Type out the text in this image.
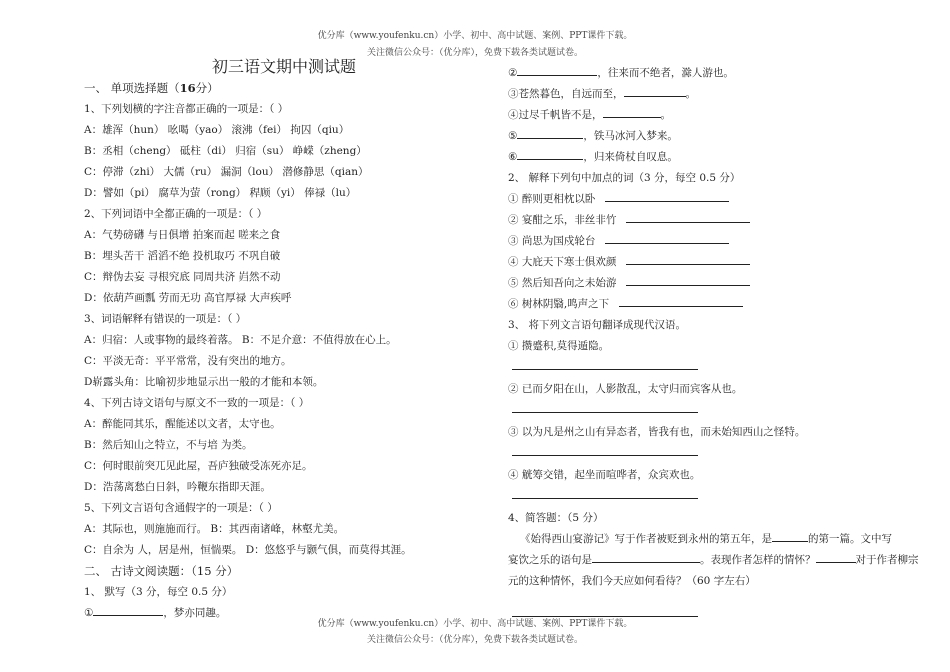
优分库（www.youfenku.cn）小学、初中、高中试题、案例、PPT课件下载。
关注微信公众号：（优分库），免费下载各类试题试卷。
初三语文期中测试题
一、 单项选择题（16分）
1、下列划横的字注音都正确的一项是：（ ）
A：雄浑（hun） 吆喝（yao） 滚沸（fei） 拘囚（qiu）
B：丞相（cheng） 砥柱（di） 归宿（su） 峥嵘（zheng）
C：停滞（zhi） 大儒（ru） 漏洞（lou） 潜修静思（qian）
D：譬如（pi） 腐草为萤（rong） 稈顾（yi） 俸禄（lu）
2、下列词语中全都正确的一项是：（ ）
A：气势磅礴 与日俱增 拍案而起 嗟来之食
B：埋头苦干 滔滔不绝 投机取巧 不巩自破
C：辩伪去妄 寻根究底 同周共济 岿然不动
D：依葫芦画瓢 劳而无功 高官厚禄 大声疾呼
3、词语解释有错误的一项是：（ ）
A：归宿：人或事物的最终着落。 B：不足介意：不值得放在心上。
C：平淡无奇：平平常常，没有突出的地方。
D崭露头角：比喻初步地显示出一般的才能和本领。
4、下列古诗文语句与原文不一致的一项是：（ ）
A：醉能同其乐，醒能述以文者，太守也。
B：然后知山之特立，不与培 为类。
C：何时眼前突兀见此屋，吾庐独破受冻死亦足。
D：浩荡离愁白日斜，吟鞭东指即天涯。
5、下列文言语句含通假字的一项是：（ ）
A：其际也，则施施而行。 B：其西南诸峰，林壑尤美。
C：自余为 人，居是州，恒惴栗。 D：悠悠乎与颢气俱，而莫得其涯。
二、 古诗文阅读题：（15 分）
1、 默写（3 分，每空 0.5 分）
①	，梦亦同趣。
②	，往来而不绝者，滁人游也。
③苍然暮色，自远而至，	。
④过尽千帆皆不是，	。
⑤	，铁马冰河入梦来。
⑥	，归来倚杖自叹息。
2、 解释下列句中加点的词（3 分，每空 0.5 分）
① 醉则更相枕以卧
② 宴酣之乐，非丝非竹
③ 尚思为国戍轮台
④ 大庇天下寒士俱欢颜
⑤ 然后知吾向之未始游
⑥ 树林阴翳,鸣声之下
3、 将下列文言语句翻译成现代汉语。
① 攒蹙积,莫得遁隐。
② 已而夕阳在山，人影散乱，太守归而宾客从也。
③ 以为凡是州之山有异态者，皆我有也，而未始知西山之怪特。
④ 觥筹交错，起坐而喧哗者，众宾欢也。
4、简答题：（5 分）
《始得西山宴游记》写于作者被贬到永州的第五年，是	的第一篇。文中写
宴饮之乐的语句是	。表现作者怎样的情怀？	对于作者柳宗
元的这种情怀，我们今天应如何看待？（60 字左右）
优分库（www.youfenku.cn）小学、初中、高中试题、案例、PPT课件下载。
关注微信公众号：（优分库），免费下载各类试题试卷。
